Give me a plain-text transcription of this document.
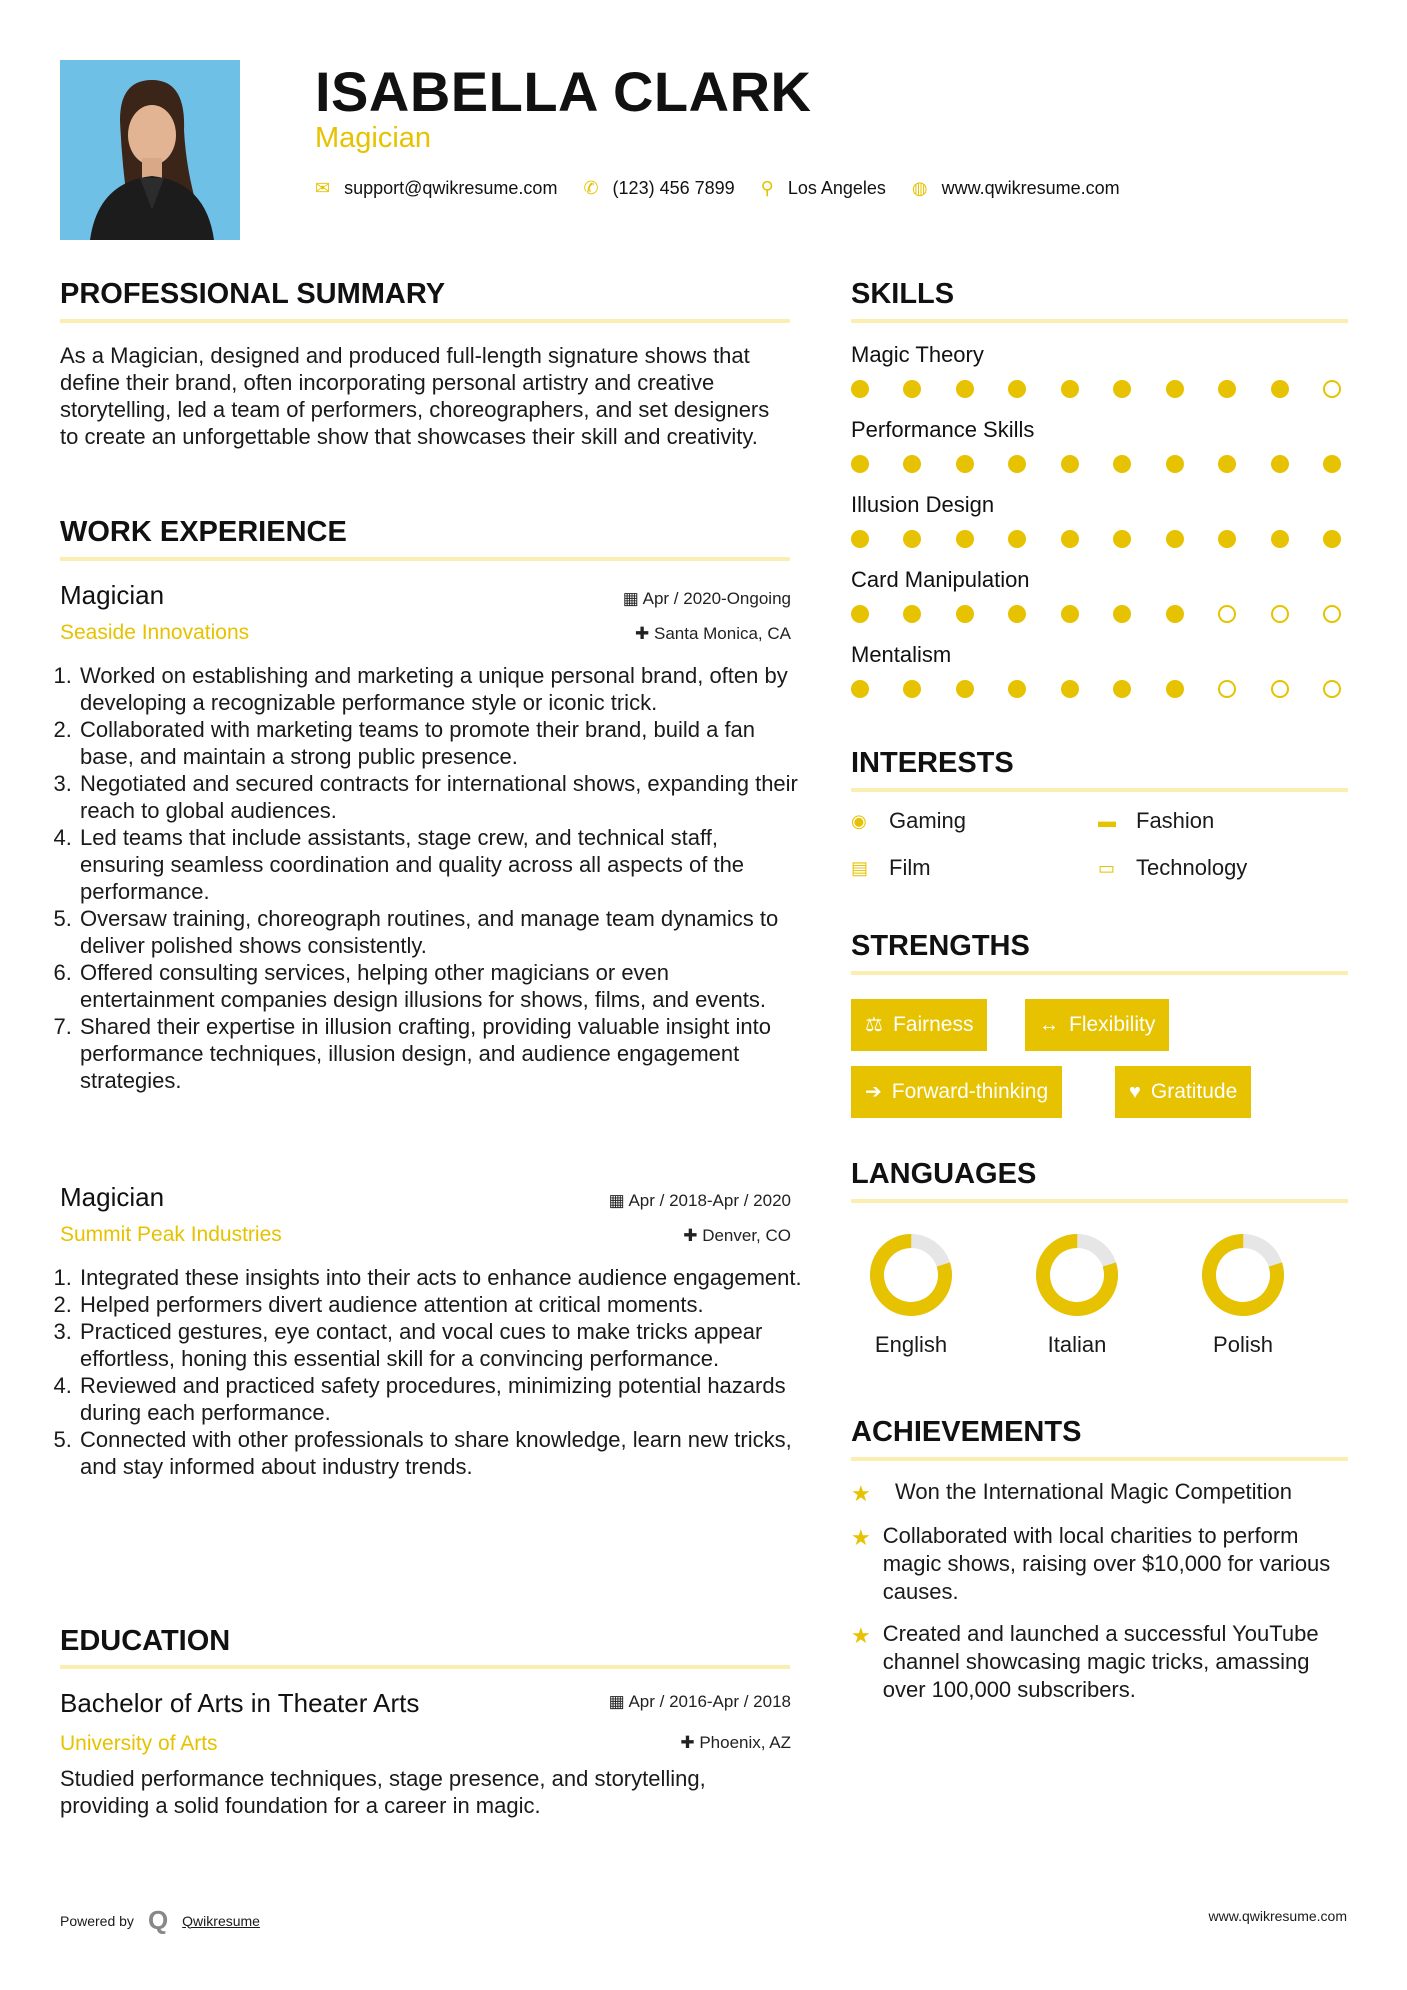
ISABELLA CLARK
Magician
✉ support@qwikresume.com ✆ (123) 456 7899 ⚲ Los Angeles ◍ www.qwikresume.com
PROFESSIONAL SUMMARY
As a Magician, designed and produced full-length signature shows that define their brand, often incorporating personal artistry and creative storytelling, led a team of performers, choreographers, and set designers to create an unforgettable show that showcases their skill and creativity.
WORK EXPERIENCE
Magician
Seaside Innovations
▦ Apr / 2020-Ongoing
✚ Santa Monica, CA
1. Worked on establishing and marketing a unique personal brand, often by developing a recognizable performance style or iconic trick.
2. Collaborated with marketing teams to promote their brand, build a fan base, and maintain a strong public presence.
3. Negotiated and secured contracts for international shows, expanding their reach to global audiences.
4. Led teams that include assistants, stage crew, and technical staff, ensuring seamless coordination and quality across all aspects of the performance.
5. Oversaw training, choreograph routines, and manage team dynamics to deliver polished shows consistently.
6. Offered consulting services, helping other magicians or even entertainment companies design illusions for shows, films, and events.
7. Shared their expertise in illusion crafting, providing valuable insight into performance techniques, illusion design, and audience engagement strategies.
Magician
Summit Peak Industries
▦ Apr / 2018-Apr / 2020
✚ Denver, CO
1. Integrated these insights into their acts to enhance audience engagement.
2. Helped performers divert audience attention at critical moments.
3. Practiced gestures, eye contact, and vocal cues to make tricks appear effortless, honing this essential skill for a convincing performance.
4. Reviewed and practiced safety procedures, minimizing potential hazards during each performance.
5. Connected with other professionals to share knowledge, learn new tricks, and stay informed about industry trends.
EDUCATION
Bachelor of Arts in Theater Arts
University of Arts
▦ Apr / 2016-Apr / 2018
✚ Phoenix, AZ
Studied performance techniques, stage presence, and storytelling, providing a solid foundation for a career in magic.
SKILLS
Magic Theory
Performance Skills
Illusion Design
Card Manipulation
Mentalism
INTERESTS
◉	Gaming	▬ Fashion
▤ Film	▭ Technology
STRENGTHS
⚖ Fairness	↔ Flexibility
➔ Forward-thinking	♥ Gratitude
LANGUAGES
English	Italian	Polish
ACHIEVEMENTS
★	Won the International Magic Competition
★ Collaborated with local charities to perform magic shows, raising over $10,000 for various causes.
★ Created and launched a successful YouTube channel showcasing magic tricks, amassing over 100,000 subscribers.
Powered by Q Qwikresume	www.qwikresume.com
